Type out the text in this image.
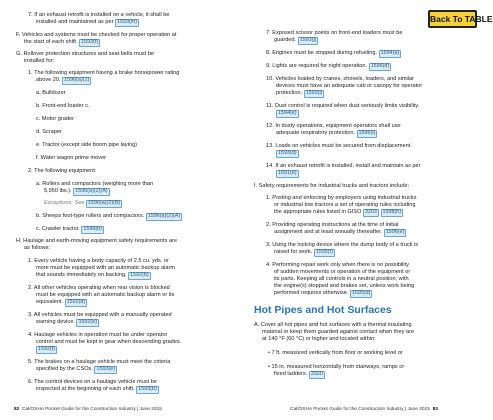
Back To TABLE
7. If an exhaust retrofit is installed on a vehicle, it shall be
installed and maintained as per 1593(m)
F. Vehicles and systems must be checked for proper operation at
the start of each shift. 1593(f)
G. Rollover protection structures and seat belts must be
installed for:
1. The following equipment having a brake horsepower rating
above 20. 1596(a)(1)
a. Bulldozer
b. Front-end loader c.
c. Motor grader
d. Scraper
e. Tractor (except side boom pipe laying)
f. Water wagon prime mover
2. The following equipment:
a. Rollers and compactors (weighing more than
5,950 lbs.). 1596(a)(2)(A)
Exceptions: See 1596(a)(2)(B)
b. Sheeps foot-type rollers and compactors. 1596(a)(2)(A)
c. Crawler tractor. 1596(b)
H. Haulage and earth-moving equipment safety requirements are
as follows:
1. Every vehicle having a body capacity of 2.5 cu. yds. or
more must be equipped with an automatic backup alarm
that sounds immediately on backing. 1592(b)
2. All other vehicles operating when rear vision is blocked
must be equipped with an automatic backup alarm or its
equivalent. 1592(d)
3. All vehicles must be equipped with a manually operated
warning device. 1592(e)
4. Haulage vehicles in operation must be under operator
control and must be kept in gear when descending grades.
1592(f)
5. The brakes on a haulage vehicle must meet the criteria
specified by the CSOs. 1593(e)
6. The control devices on a haulage vehicle must be
inspected at the beginning of each shift. 1593(b)
82 Cal/OSHA Pocket Guide for the Construction Industry | June 2015
7. Exposed scissor points on front-end loaders must be
guarded. 1593(j)
8. Engines must be stopped during refueling. 1594(a)
9. Lights are required for night operation. 1596(d)
10. Vehicles loaded by cranes, shovels, loaders, and similar
devices must have an adequate cab or canopy for operator
protection. 1593(i)
11. Dust control is required when dust seriously limits visibility.
1594(e)
12. In dusty operations, equipment operators shall use
adequate respiratory protection. 1596(i)
13. Loads on vehicles must be secured from displacement.
1593(d)
14. If an exhaust retrofit is installed, install and maintain as per
1591(e)
I. Safety requirements for industrial trucks and tractors include:
1. Posting and enforcing by employers using industrial trucks
or industrial tow tractors a set of operating rules including
the appropriate rules listed in GISO 3203 1598(h)
2. Providing operating instructions at the time of initial
assignment and at least annually thereafter. 1596(e)
3. Using the locking device where the dump body of a truck is
raised for work. 1595(f)
4. Performing repair work only when there is no possibility
of sudden movements or operation of the equipment or
its parts. Keeping all controls in a neutral position, with
the engine(s) stopped and brakes set, unless work being
performed requires otherwise. 1595(d)
Hot Pipes and Hot Surfaces
A. Cover all hot pipes and hot surfaces with a thermal insulating
material or keep them guarded against contact when they are
at 140 °F (60 °C) or higher and located within:
• 7 ft. measured vertically from floor or working level or
• 15 in. measured horizontally from stairways, ramps or
fixed ladders. 3320
Cal/OSHA Pocket Guide for the Construction Industry | June 2015 83
